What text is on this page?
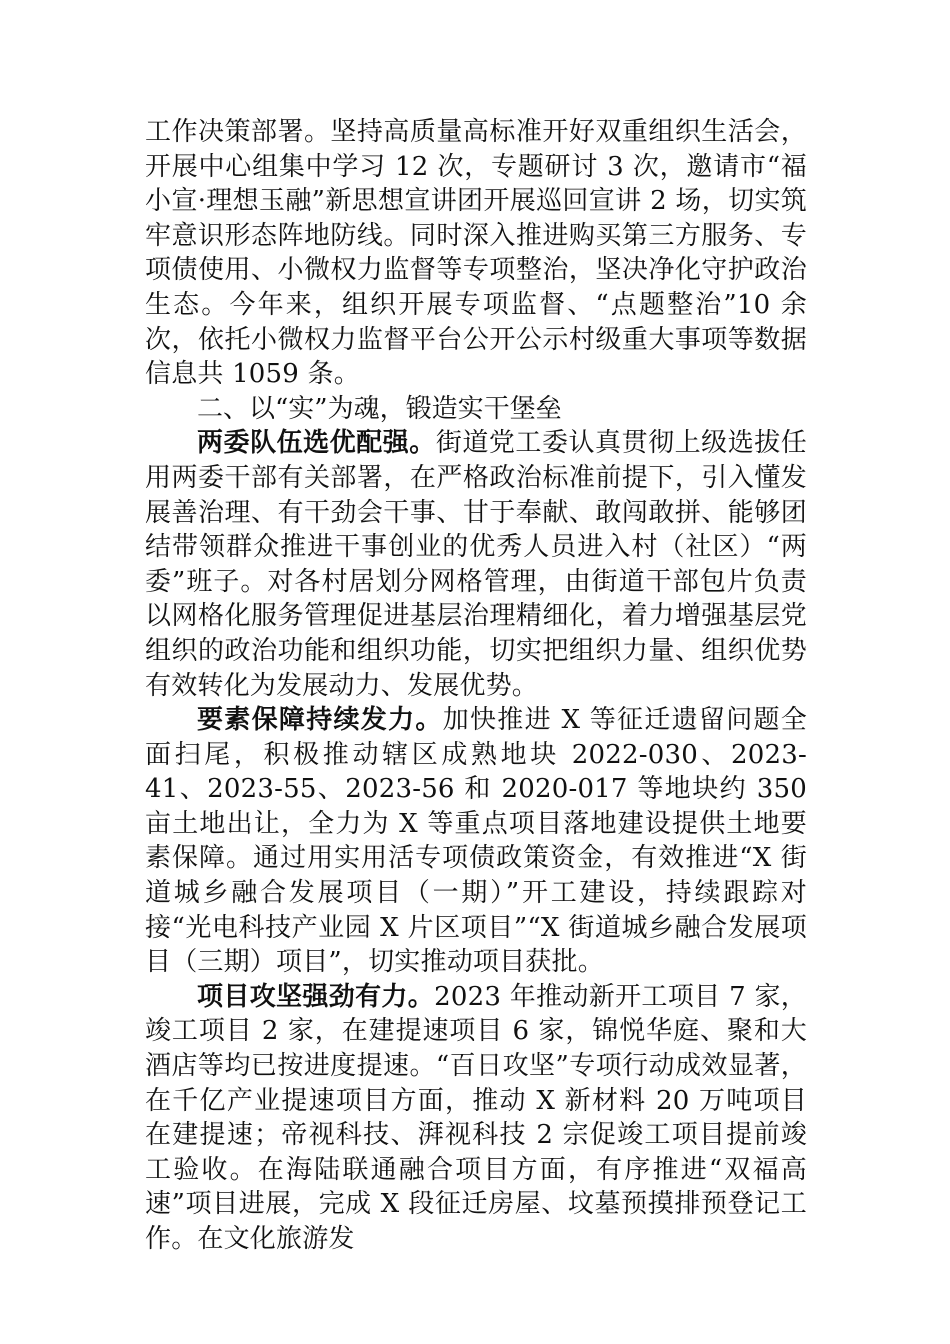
工作决策部署。坚持高质量高标准开好双重组织生活会，开展中心组集中学习 12 次，专题研讨 3 次，邀请市“福小宣·理想玉融”新思想宣讲团开展巡回宣讲 2 场，切实筑牢意识形态阵地防线。同时深入推进购买第三方服务、专项债使用、小微权力监督等专项整治，坚决净化守护政治生态。今年来，组织开展专项监督、“点题整治”10 余次，依托小微权力监督平台公开公示村级重大事项等数据信息共 1059 条。

二、以“实”为魂，锻造实干堡垒

两委队伍选优配强。街道党工委认真贯彻上级选拔任用两委干部有关部署，在严格政治标准前提下，引入懂发展善治理、有干劲会干事、甘于奉献、敢闯敢拼、能够团结带领群众推进干事创业的优秀人员进入村（社区）“两委”班子。对各村居划分网格管理，由街道干部包片负责以网格化服务管理促进基层治理精细化，着力增强基层党组织的政治功能和组织功能，切实把组织力量、组织优势有效转化为发展动力、发展优势。

要素保障持续发力。加快推进 X 等征迁遗留问题全面扫尾，积极推动辖区成熟地块 2022-030、2023-41、2023-55、2023-56 和 2020-017 等地块约 350 亩土地出让，全力为 X 等重点项目落地建设提供土地要素保障。通过用实用活专项债政策资金，有效推进“X 街道城乡融合发展项目（一期）”开工建设，持续跟踪对接“光电科技产业园 X 片区项目”“X 街道城乡融合发展项目（三期）项目”，切实推动项目获批。

项目攻坚强劲有力。2023 年推动新开工项目 7 家，竣工项目 2 家，在建提速项目 6 家，锦悦华庭、聚和大酒店等均已按进度提速。“百日攻坚”专项行动成效显著，在千亿产业提速项目方面，推动 X 新材料 20 万吨项目在建提速；帝视科技、湃视科技 2 宗促竣工项目提前竣工验收。在海陆联通融合项目方面，有序推进“双福高速”项目进展，完成 X 段征迁房屋、坟墓预摸排预登记工作。在文化旅游发
